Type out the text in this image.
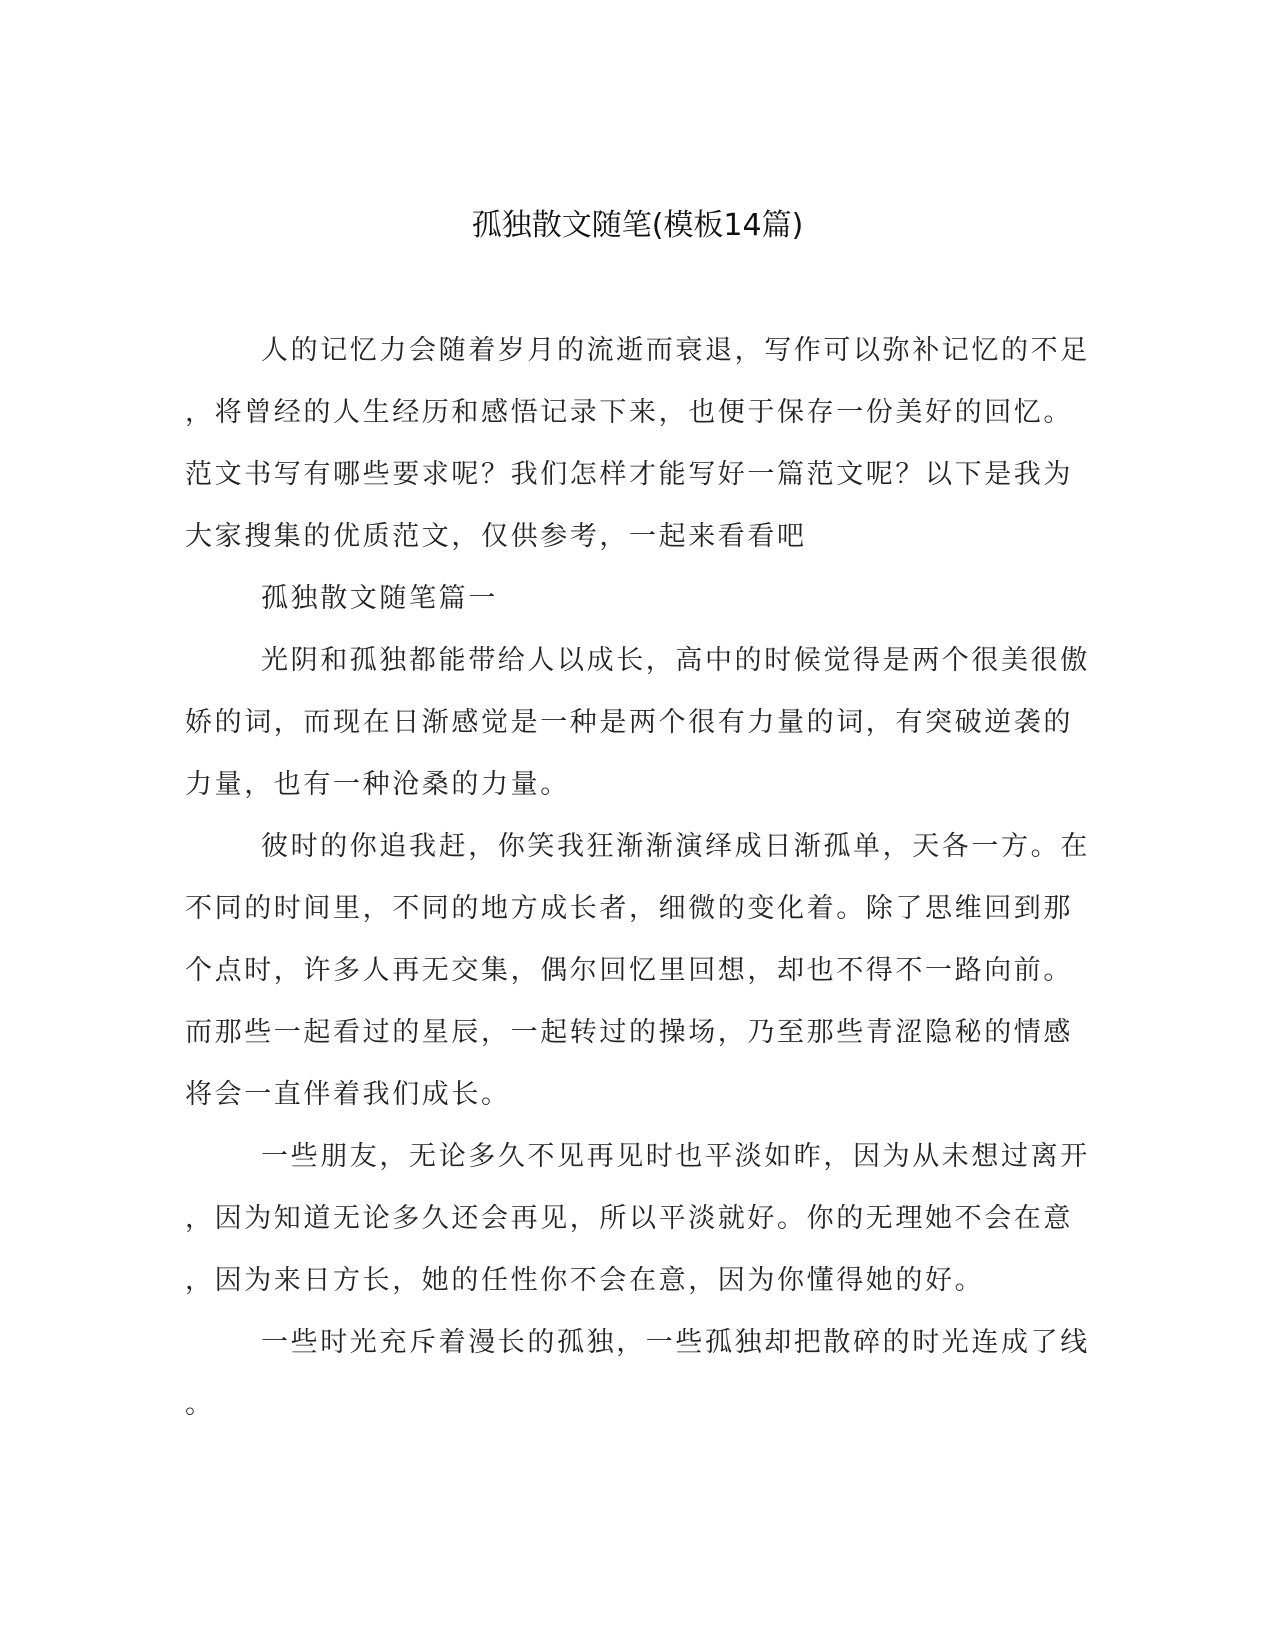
孤独散文随笔(模板14篇)
人的记忆力会随着岁月的流逝而衰退，写作可以弥补记忆的不足
，将曾经的人生经历和感悟记录下来，也便于保存一份美好的回忆。
范文书写有哪些要求呢？我们怎样才能写好一篇范文呢？以下是我为
大家搜集的优质范文，仅供参考，一起来看看吧
孤独散文随笔篇一
光阴和孤独都能带给人以成长，高中的时候觉得是两个很美很傲
娇的词，而现在日渐感觉是一种是两个很有力量的词，有突破逆袭的
力量，也有一种沧桑的力量。
彼时的你追我赶，你笑我狂渐渐演绎成日渐孤单，天各一方。在
不同的时间里，不同的地方成长者，细微的变化着。除了思维回到那
个点时，许多人再无交集，偶尔回忆里回想，却也不得不一路向前。
而那些一起看过的星辰，一起转过的操场，乃至那些青涩隐秘的情感
将会一直伴着我们成长。
一些朋友，无论多久不见再见时也平淡如昨，因为从未想过离开
，因为知道无论多久还会再见，所以平淡就好。你的无理她不会在意
，因为来日方长，她的任性你不会在意，因为你懂得她的好。
一些时光充斥着漫长的孤独，一些孤独却把散碎的时光连成了线
。
